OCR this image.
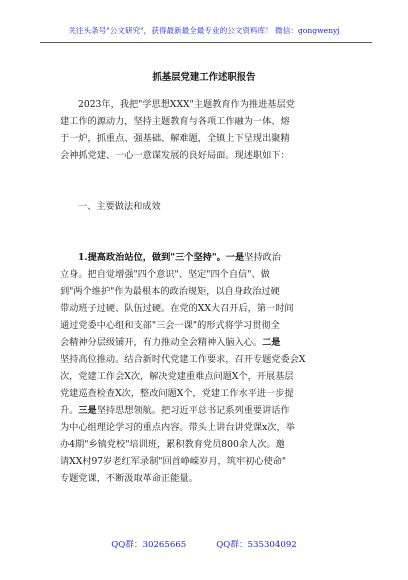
关注头条号"公文研究"，获得最新最全最专业的公文资料库！ 微信：gongwenyj
抓基层党建工作述职报告
2023年，我把"学思想XXX"主题教育作为推进基层党
建工作的源动力，坚持主题教育与各项工作融为一体、熔
于一炉，抓重点、强基础、解难题，全镇上下呈现出聚精
会神抓党建、一心一意谋发展的良好局面。现述职如下：
一、主要做法和成效
1.提高政治站位，做到"三个坚持"。一是坚持政治
立身。把自觉增强"四个意识"、坚定"四个自信"、做
到"两个维护"作为最根本的政治规矩，以自身政治过硬
带动班子过硬、队伍过硬。在党的XX大召开后，第一时间
通过党委中心组和支部"三会一课"的形式将学习贯彻全
会精神分层级铺开，有力推动全会精神入脑入心。二是
坚持高位推动。结合新时代党建工作要求，召开专题党委会X
次，党建工作会X次，解决党建重难点问题X个，开展基层
党建巡查检查X次，整改问题X个，党建工作水平进一步提
升。三是坚持思想领航。把习近平总书记系列重要讲话作
为中心组理论学习的重点内容。带头上讲台讲党课x次，举
办4期"乡镇党校"培训班，累积教育党员800余人次。邀
请XX村97岁老红军录制"回首峥嵘岁月，筑牢初心使命"
专题党课，不断汲取革命正能量。
QQ群：30265665	QQ群：535304092
